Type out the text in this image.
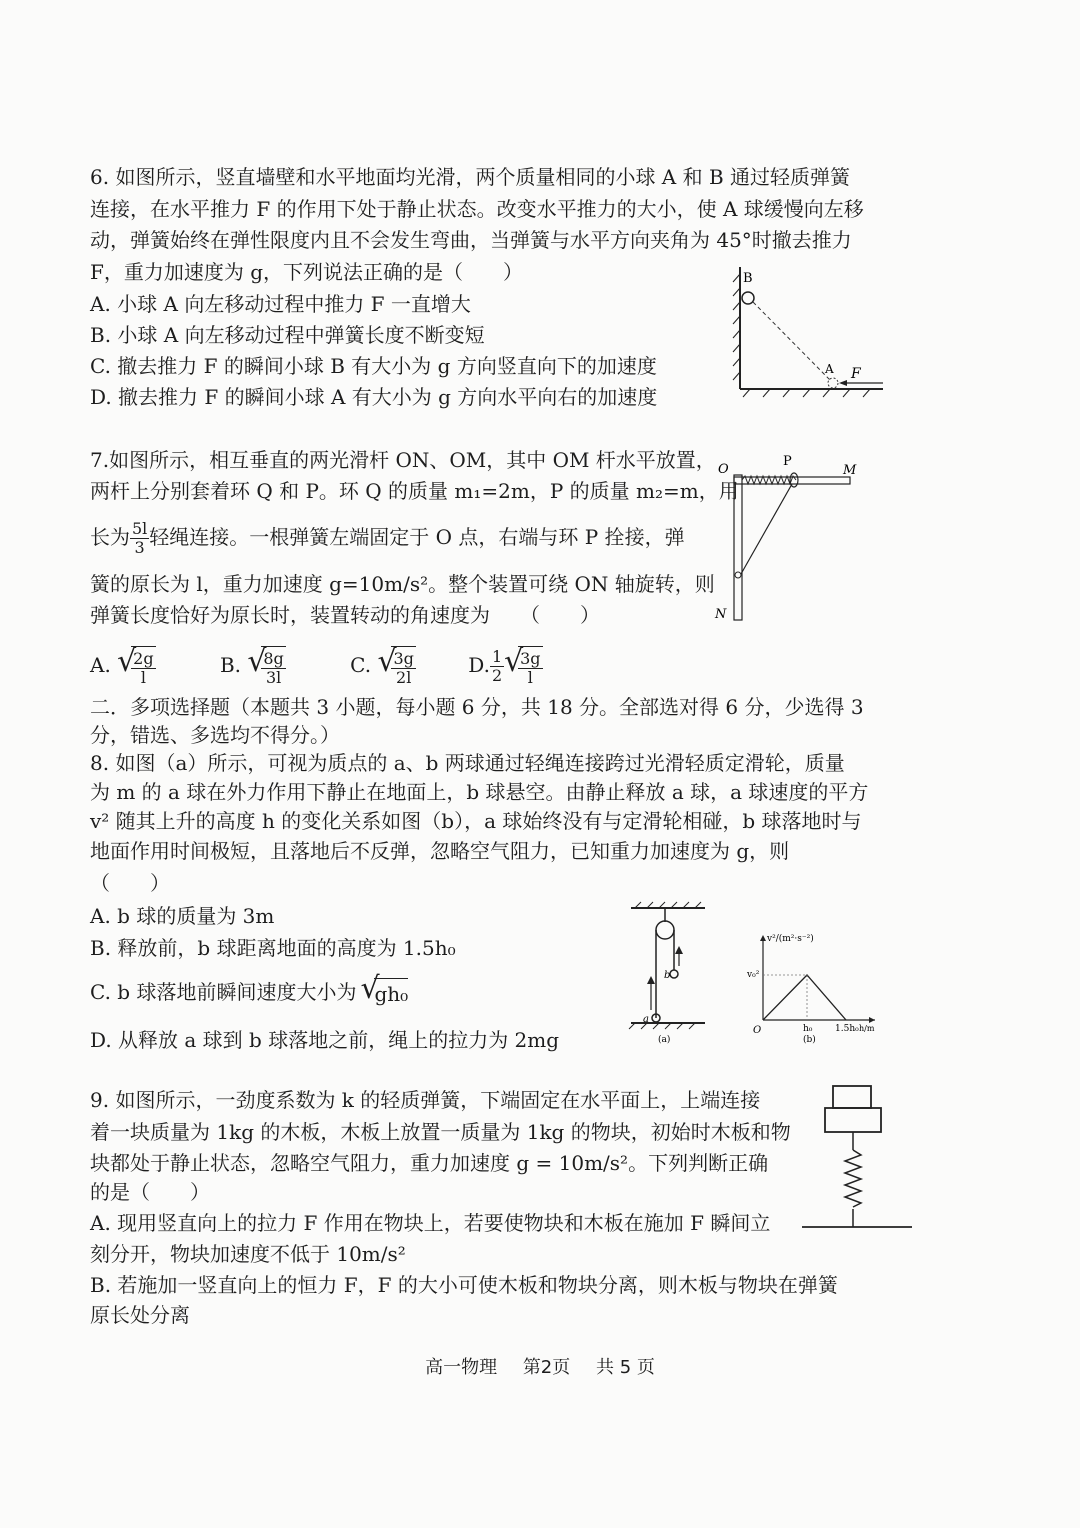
6. 如图所示，竖直墙壁和水平地面均光滑，两个质量相同的小球 A 和 B 通过轻质弹簧
连接，在水平推力 F 的作用下处于静止状态。改变水平推力的大小，使 A 球缓慢向左移
动，弹簧始终在弹性限度内且不会发生弯曲，当弹簧与水平方向夹角为 45°时撤去推力
F，重力加速度为 g，下列说法正确的是（　　）
A. 小球 A 向左移动过程中推力 F 一直增大
B. 小球 A 向左移动过程中弹簧长度不断变短
C. 撤去推力 F 的瞬间小球 B 有大小为 g 方向竖直向下的加速度
D. 撤去推力 F 的瞬间小球 A 有大小为 g 方向水平向右的加速度
B
A F
7.如图所示，相互垂直的两光滑杆 ON、OM，其中 OM 杆水平放置，
两杆上分别套着环 Q 和 P。环 Q 的质量 m₁=2m，P 的质量 m₂=m，用
长为 $\frac{5l}{3}$ 轻绳连接。一根弹簧左端固定于 O 点，右端与环 P 拴接，弹
簧的原长为 l，重力加速度 g=10m/s²。整个装置可绕 ON 轴旋转，则
弹簧长度恰好为原长时，装置转动的角速度为　　（　　）
A. √ $\frac{2g}{l}$	B. √ $\frac{8g}{3l}$	C. √ $\frac{3g}{2l}$	D. $\frac{1}{2}$ √ $\frac{3g}{l}$
O
P
M
N
二．多项选择题（本题共 3 小题，每小题 6 分，共 18 分。全部选对得 6 分，少选得 3
分，错选、多选均不得分。）
8. 如图（a）所示，可视为质点的 a、b 两球通过轻绳连接跨过光滑轻质定滑轮，质量
为 m 的 a 球在外力作用下静止在地面上，b 球悬空。由静止释放 a 球，a 球速度的平方
v² 随其上升的高度 h 的变化关系如图（b），a 球始终没有与定滑轮相碰，b 球落地时与
地面作用时间极短，且落地后不反弹，忽略空气阻力，已知重力加速度为 g，则
（　　）
A. b 球的质量为 3m
B. 释放前，b 球距离地面的高度为 1.5h₀
C. b 球落地前瞬间速度大小为 √ gh₀
D. 从释放 a 球到 b 球落地之前，绳上的拉力为 2mg
a
b
(a)
v²/(m²·s⁻²)
v₀²
O	h₀	1.5h₀ h/m
(b)
9. 如图所示，一劲度系数为 k 的轻质弹簧，下端固定在水平面上，上端连接
着一块质量为 1kg 的木板，木板上放置一质量为 1kg 的物块，初始时木板和物
块都处于静止状态，忽略空气阻力，重力加速度 g = 10m/s²。下列判断正确
的是（　　）
A. 现用竖直向上的拉力 F 作用在物块上，若要使物块和木板在施加 F 瞬间立
刻分开，物块加速度不低于 10m/s²
B. 若施加一竖直向上的恒力 F，F 的大小可使木板和物块分离，则木板与物块在弹簧
原长处分离
高一物理 第2页 共 5 页
